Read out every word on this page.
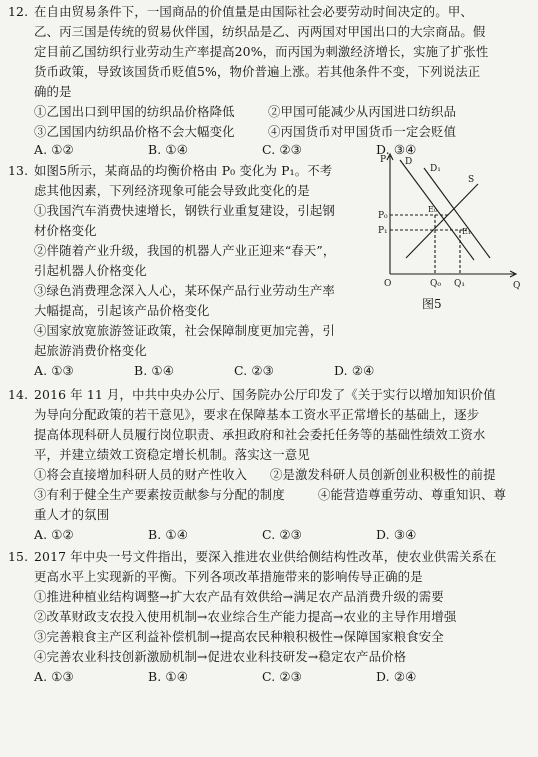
12. 在自由贸易条件下，一国商品的价值量是由国际社会必要劳动时间决定的。甲、
乙、丙三国是传统的贸易伙伴国，纺织品是乙、丙两国对甲国出口的大宗商品。假
定目前乙国纺织行业劳动生产率提高20%，而丙国为刺激经济增长，实施了扩张性
货币政策，导致该国货币贬值5%，物价普遍上涨。若其他条件不变，下列说法正
确的是
①乙国出口到甲国的纺织品价格降低	②甲国可能减少从丙国进口纺织品
③乙国国内纺织品价格不会大幅变化	④丙国货币对甲国货币一定会贬值
A. ①②	B. ①④	C. ②③	D. ③④
13. 如图5所示，某商品的均衡价格由 P₀ 变化为 P₁。不考
虑其他因素，下列经济现象可能会导致此变化的是
①我国汽车消费快速增长，钢铁行业重复建设，引起钢
材价格变化
②伴随着产业升级，我国的机器人产业正迎来“春天”，
引起机器人价格变化
③绿色消费理念深入人心，某环保产品行业劳动生产率
大幅提高，引起该产品价格变化
④国家放宽旅游签证政策，社会保障制度更加完善，引
起旅游消费价格变化
A. ①③	B. ①④	C. ②③	D. ②④
P
Q
O
D
D₁
S
P₀
P₁
Q₀ Q₁
E₀
E₁
图5
14. 2016 年 11 月，中共中央办公厅、国务院办公厅印发了《关于实行以增加知识价值
为导向分配政策的若干意见》，要求在保障基本工资水平正常增长的基础上，逐步
提高体现科研人员履行岗位职责、承担政府和社会委托任务等的基础性绩效工资水
平，并建立绩效工资稳定增长机制。落实这一意见
①将会直接增加科研人员的财产性收入 ②是激发科研人员创新创业积极性的前提
③有利于健全生产要素按贡献参与分配的制度	④能营造尊重劳动、尊重知识、尊
重人才的氛围
A. ①②	B. ①④	C. ②③	D. ③④
15. 2017 年中央一号文件指出，要深入推进农业供给侧结构性改革，使农业供需关系在
更高水平上实现新的平衡。下列各项改革措施带来的影响传导正确的是
①推进种植业结构调整→扩大农产品有效供给→满足农产品消费升级的需要
②改革财政支农投入使用机制→农业综合生产能力提高→农业的主导作用增强
③完善粮食主产区利益补偿机制→提高农民种粮积极性→保障国家粮食安全
④完善农业科技创新激励机制→促进农业科技研发→稳定农产品价格
A. ①③	B. ①④	C. ②③	D. ②④
